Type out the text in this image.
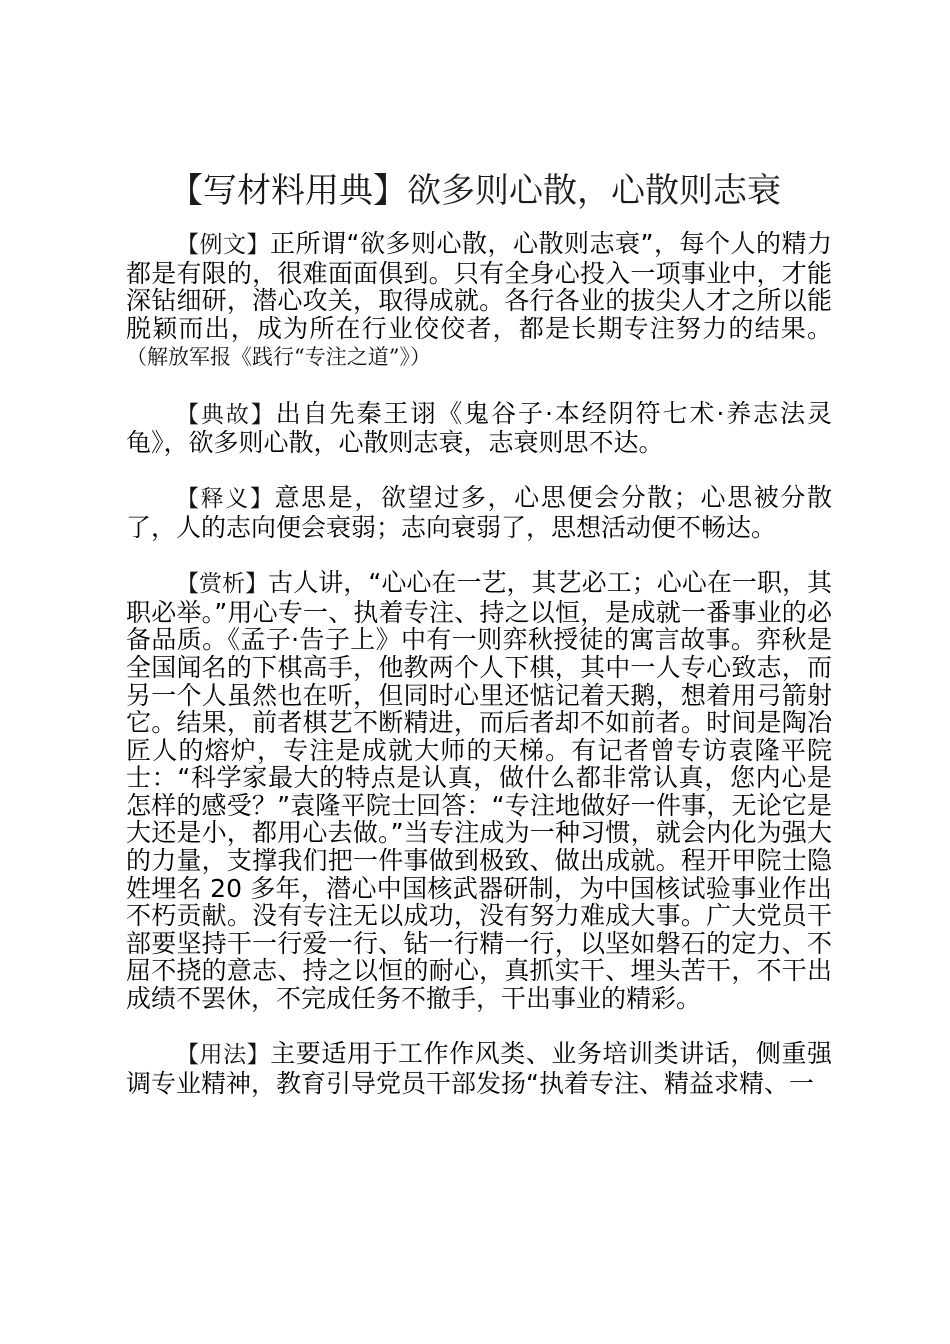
【写材料用典】欲多则心散，心散则志衰

【例文】正所谓“欲多则心散，心散则志衰”，每个人的精力都是有限的，很难面面俱到。只有全身心投入一项事业中，才能深钻细研，潜心攻关，取得成就。各行各业的拔尖人才之所以能脱颖而出，成为所在行业佼佼者，都是长期专注努力的结果。（解放军报《践行“专注之道”》）

【典故】出自先秦王诩《鬼谷子·本经阴符七术·养志法灵龟》，欲多则心散，心散则志衰，志衰则思不达。

【释义】意思是，欲望过多，心思便会分散；心思被分散了，人的志向便会衰弱；志向衰弱了，思想活动便不畅达。

【赏析】古人讲，“心心在一艺，其艺必工；心心在一职，其职必举。”用心专一、执着专注、持之以恒，是成就一番事业的必备品质。《孟子·告子上》中有一则弈秋授徒的寓言故事。弈秋是全国闻名的下棋高手，他教两个人下棋，其中一人专心致志，而另一个人虽然也在听，但同时心里还惦记着天鹅，想着用弓箭射它。结果，前者棋艺不断精进，而后者却不如前者。时间是陶冶匠人的熔炉，专注是成就大师的天梯。有记者曾专访袁隆平院士：“科学家最大的特点是认真，做什么都非常认真，您内心是怎样的感受？”袁隆平院士回答：“专注地做好一件事，无论它是大还是小，都用心去做。”当专注成为一种习惯，就会内化为强大的力量，支撑我们把一件事做到极致、做出成就。程开甲院士隐姓埋名 20 多年，潜心中国核武器研制，为中国核试验事业作出不朽贡献。没有专注无以成功，没有努力难成大事。广大党员干部要坚持干一行爱一行、钻一行精一行，以坚如磐石的定力、不屈不挠的意志、持之以恒的耐心，真抓实干、埋头苦干，不干出成绩不罢休，不完成任务不撤手，干出事业的精彩。

【用法】主要适用于工作作风类、业务培训类讲话，侧重强调专业精神，教育引导党员干部发扬“执着专注、精益求精、一
